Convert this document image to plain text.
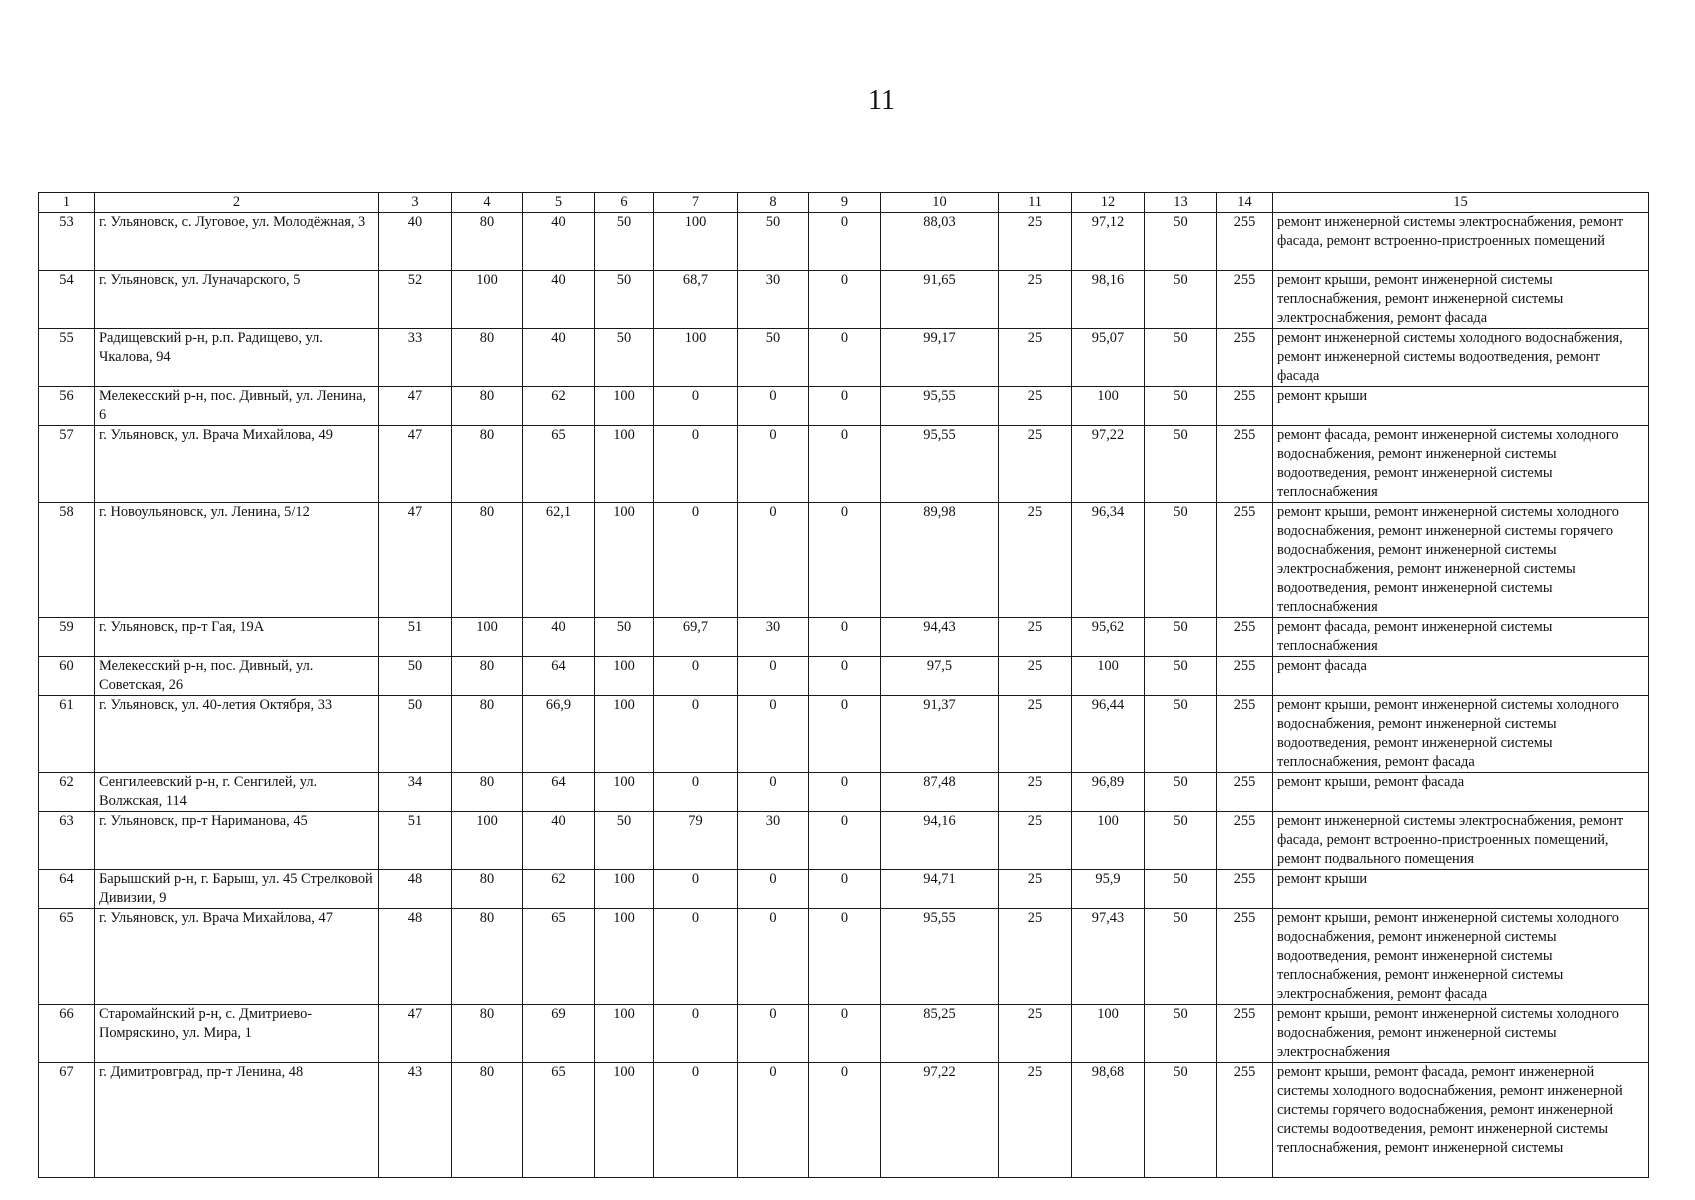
11
1	2	3	4	5	6	7	8	9	10	11	12	13	14	15
53	г. Ульяновск, с. Луговое, ул. Молодёжная, 3	40	80	40	50	100	50	0	88,03	25	97,12	50	255	ремонт инженерной системы электроснабжения, ремонт фасада, ремонт встроенно-пристроенных помещений
54	г. Ульяновск, ул. Луначарского, 5	52	100	40	50	68,7	30	0	91,65	25	98,16	50	255	ремонт крыши, ремонт инженерной системы теплоснабжения, ремонт инженерной системы электроснабжения, ремонт фасада
55	Радищевский р-н, р.п. Радищево, ул. Чкалова, 94	33	80	40	50	100	50	0	99,17	25	95,07	50	255	ремонт инженерной системы холодного водоснабжения, ремонт инженерной системы водоотведения, ремонт фасада
56	Мелекесский р-н, пос. Дивный, ул. Ленина, 6	47	80	62	100	0	0	0	95,55	25	100	50	255	ремонт крыши
57	г. Ульяновск, ул. Врача Михайлова, 49	47	80	65	100	0	0	0	95,55	25	97,22	50	255	ремонт фасада, ремонт инженерной системы холодного водоснабжения, ремонт инженерной системы водоотведения, ремонт инженерной системы теплоснабжения
58	г. Новоульяновск, ул. Ленина, 5/12	47	80	62,1	100	0	0	0	89,98	25	96,34	50	255	ремонт крыши, ремонт инженерной системы холодного водоснабжения, ремонт инженерной системы горячего водоснабжения, ремонт инженерной системы электроснабжения, ремонт инженерной системы водоотведения, ремонт инженерной системы теплоснабжения
59	г. Ульяновск, пр-т Гая, 19А	51	100	40	50	69,7	30	0	94,43	25	95,62	50	255	ремонт фасада, ремонт инженерной системы теплоснабжения
60	Мелекесский р-н, пос. Дивный, ул. Советская, 26	50	80	64	100	0	0	0	97,5	25	100	50	255	ремонт фасада
61	г. Ульяновск, ул. 40-летия Октября, 33	50	80	66,9	100	0	0	0	91,37	25	96,44	50	255	ремонт крыши, ремонт инженерной системы холодного водоснабжения, ремонт инженерной системы водоотведения, ремонт инженерной системы теплоснабжения, ремонт фасада
62	Сенгилеевский р-н, г. Сенгилей, ул. Волжская, 114	34	80	64	100	0	0	0	87,48	25	96,89	50	255	ремонт крыши, ремонт фасада
63	г. Ульяновск, пр-т Нариманова, 45	51	100	40	50	79	30	0	94,16	25	100	50	255	ремонт инженерной системы электроснабжения, ремонт фасада, ремонт встроенно-пристроенных помещений, ремонт подвального помещения
64	Барышский р-н, г. Барыш, ул. 45 Стрелковой Дивизии, 9	48	80	62	100	0	0	0	94,71	25	95,9	50	255	ремонт крыши
65	г. Ульяновск, ул. Врача Михайлова, 47	48	80	65	100	0	0	0	95,55	25	97,43	50	255	ремонт крыши, ремонт инженерной системы холодного водоснабжения, ремонт инженерной системы водоотведения, ремонт инженерной системы теплоснабжения, ремонт инженерной системы электроснабжения, ремонт фасада
66	Старомайнский р-н, с. Дмитриево-Помряскино, ул. Мира, 1	47	80	69	100	0	0	0	85,25	25	100	50	255	ремонт крыши, ремонт инженерной системы холодного водоснабжения, ремонт инженерной системы электроснабжения
67	г. Димитровград, пр-т Ленина, 48	43	80	65	100	0	0	0	97,22	25	98,68	50	255	ремонт крыши, ремонт фасада, ремонт инженерной системы холодного водоснабжения, ремонт инженерной системы горячего водоснабжения, ремонт инженерной системы водоотведения, ремонт инженерной системы теплоснабжения, ремонт инженерной системы
